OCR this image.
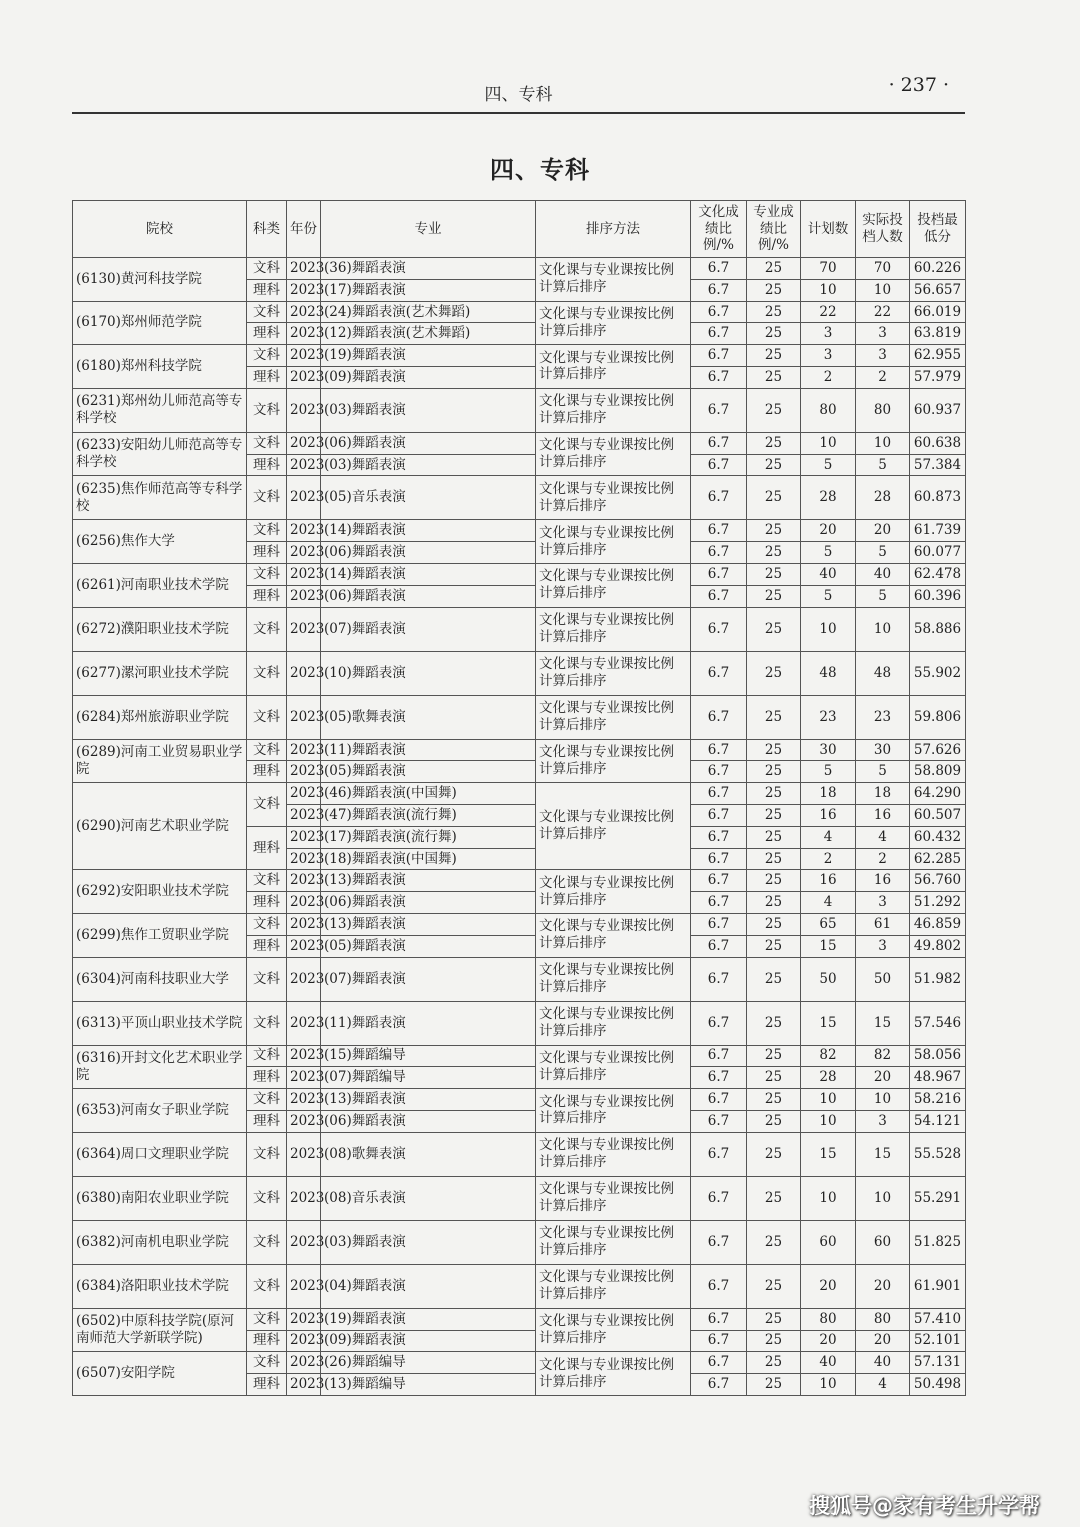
四、专科	· 237 ·
四、专科
院校	科类	年份	专业	排序方法	文化成绩比例/%	专业成绩比例/%	计划数	实际投档人数	投档最低分
(6130)黄河科技学院	文科	2023	(36)舞蹈表演	文化课与专业课按比例计算后排序	6.7	25	70	70	60.226
	理科	2023	(17)舞蹈表演		6.7	25	10	10	56.657
(6170)郑州师范学院	文科	2023	(24)舞蹈表演(艺术舞蹈)	文化课与专业课按比例计算后排序	6.7	25	22	22	66.019
	理科	2023	(12)舞蹈表演(艺术舞蹈)		6.7	25	3	3	63.819
(6180)郑州科技学院	文科	2023	(19)舞蹈表演	文化课与专业课按比例计算后排序	6.7	25	3	3	62.955
	理科	2023	(09)舞蹈表演		6.7	25	2	2	57.979
(6231)郑州幼儿师范高等专科学校	文科	2023	(03)舞蹈表演	文化课与专业课按比例计算后排序	6.7	25	80	80	60.937
(6233)安阳幼儿师范高等专科学校	文科	2023	(06)舞蹈表演	文化课与专业课按比例计算后排序	6.7	25	10	10	60.638
	理科	2023	(03)舞蹈表演		6.7	25	5	5	57.384
(6235)焦作师范高等专科学校	文科	2023	(05)音乐表演	文化课与专业课按比例计算后排序	6.7	25	28	28	60.873
(6256)焦作大学	文科	2023	(14)舞蹈表演	文化课与专业课按比例计算后排序	6.7	25	20	20	61.739
	理科	2023	(06)舞蹈表演		6.7	25	5	5	60.077
(6261)河南职业技术学院	文科	2023	(14)舞蹈表演	文化课与专业课按比例计算后排序	6.7	25	40	40	62.478
	理科	2023	(06)舞蹈表演		6.7	25	5	5	60.396
(6272)濮阳职业技术学院	文科	2023	(07)舞蹈表演	文化课与专业课按比例计算后排序	6.7	25	10	10	58.886
(6277)漯河职业技术学院	文科	2023	(10)舞蹈表演	文化课与专业课按比例计算后排序	6.7	25	48	48	55.902
(6284)郑州旅游职业学院	文科	2023	(05)歌舞表演	文化课与专业课按比例计算后排序	6.7	25	23	23	59.806
(6289)河南工业贸易职业学院	文科	2023	(11)舞蹈表演	文化课与专业课按比例计算后排序	6.7	25	30	30	57.626
	理科	2023	(05)舞蹈表演		6.7	25	5	5	58.809
(6290)河南艺术职业学院	文科	2023	(46)舞蹈表演(中国舞)	文化课与专业课按比例计算后排序	6.7	25	18	18	64.290
		2023	(47)舞蹈表演(流行舞)		6.7	25	16	16	60.507
	理科	2023	(17)舞蹈表演(流行舞)		6.7	25	4	4	60.432
		2023	(18)舞蹈表演(中国舞)		6.7	25	2	2	62.285
(6292)安阳职业技术学院	文科	2023	(13)舞蹈表演	文化课与专业课按比例计算后排序	6.7	25	16	16	56.760
	理科	2023	(06)舞蹈表演		6.7	25	4	3	51.292
(6299)焦作工贸职业学院	文科	2023	(13)舞蹈表演	文化课与专业课按比例计算后排序	6.7	25	65	61	46.859
	理科	2023	(05)舞蹈表演		6.7	25	15	3	49.802
(6304)河南科技职业大学	文科	2023	(07)舞蹈表演	文化课与专业课按比例计算后排序	6.7	25	50	50	51.982
(6313)平顶山职业技术学院	文科	2023	(11)舞蹈表演	文化课与专业课按比例计算后排序	6.7	25	15	15	57.546
(6316)开封文化艺术职业学院	文科	2023	(15)舞蹈编导	文化课与专业课按比例计算后排序	6.7	25	82	82	58.056
	理科	2023	(07)舞蹈编导		6.7	25	28	20	48.967
(6353)河南女子职业学院	文科	2023	(13)舞蹈表演	文化课与专业课按比例计算后排序	6.7	25	10	10	58.216
	理科	2023	(06)舞蹈表演		6.7	25	10	3	54.121
(6364)周口文理职业学院	文科	2023	(08)歌舞表演	文化课与专业课按比例计算后排序	6.7	25	15	15	55.528
(6380)南阳农业职业学院	文科	2023	(08)音乐表演	文化课与专业课按比例计算后排序	6.7	25	10	10	55.291
(6382)河南机电职业学院	文科	2023	(03)舞蹈表演	文化课与专业课按比例计算后排序	6.7	25	60	60	51.825
(6384)洛阳职业技术学院	文科	2023	(04)舞蹈表演	文化课与专业课按比例计算后排序	6.7	25	20	20	61.901
(6502)中原科技学院(原河南师范大学新联学院)	文科	2023	(19)舞蹈表演	文化课与专业课按比例计算后排序	6.7	25	80	80	57.410
	理科	2023	(09)舞蹈表演		6.7	25	20	20	52.101
(6507)安阳学院	文科	2023	(26)舞蹈编导	文化课与专业课按比例计算后排序	6.7	25	40	40	57.131
	理科	2023	(13)舞蹈编导		6.7	25	10	4	50.498
搜狐号@家有考生升学帮
